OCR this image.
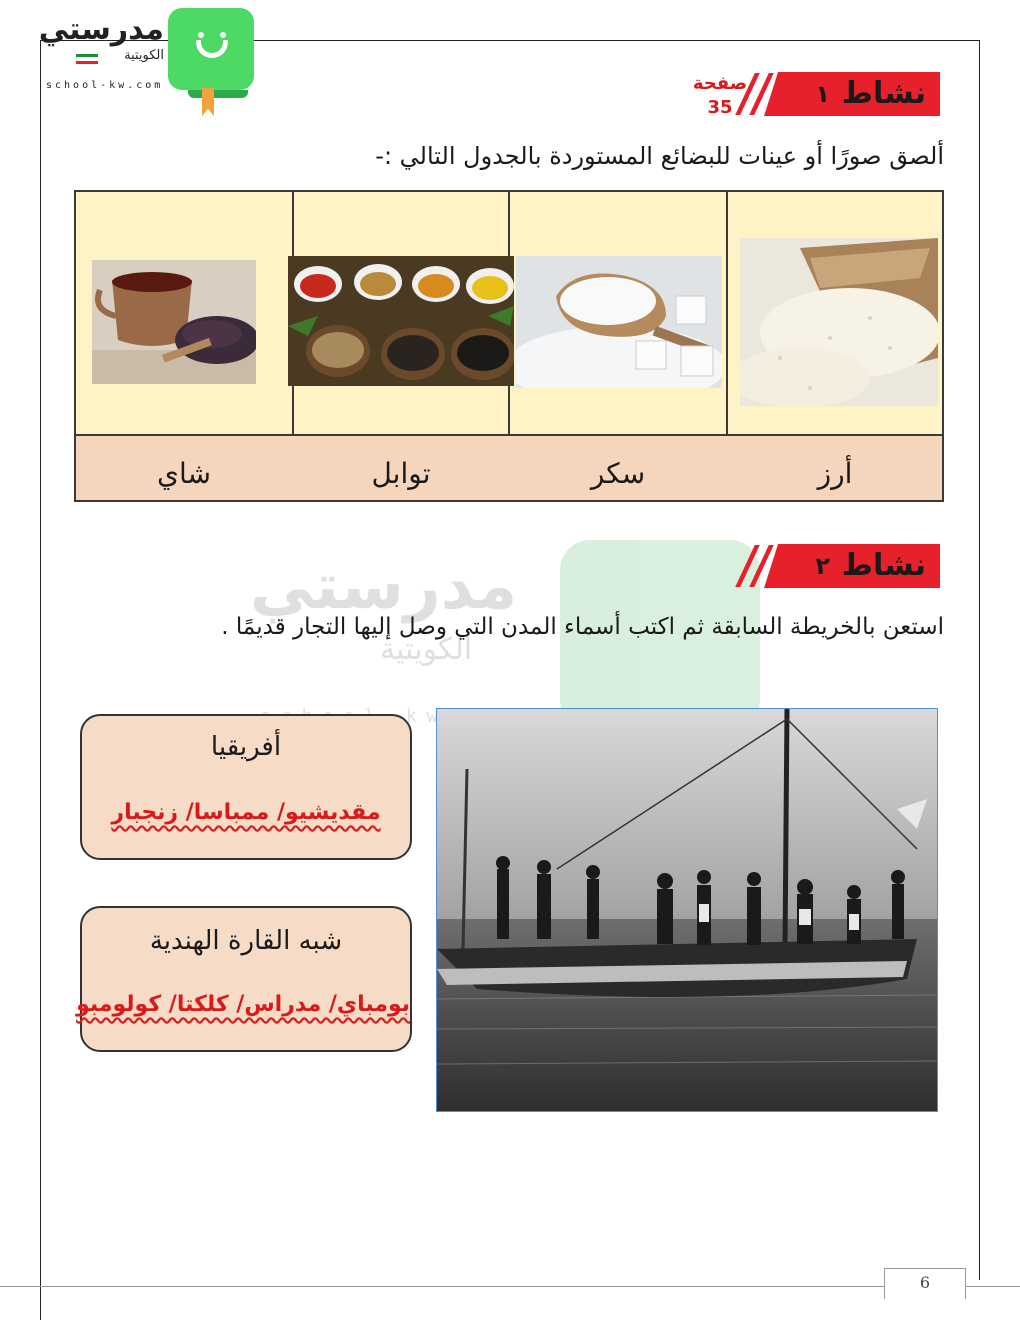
مدرستي
الكويتية
school-kw.com	نشاط
١
صفحة
35
ألصق صورًا أو عينات للبضائع المستوردة بالجدول التالي :-
أرز
سكر
توابل
شاي
مدرستي
الكويتية
نشاط
٢
استعن بالخريطة السابقة ثم اكتب أسماء المدن التي وصل إليها التجار قديمًا .
أفريقيا
مقديشيو/ ممباسا/ زنجبار
شبه القارة الهندية
بومباي/ مدراس/ كلكتا/ كولومبو
6
